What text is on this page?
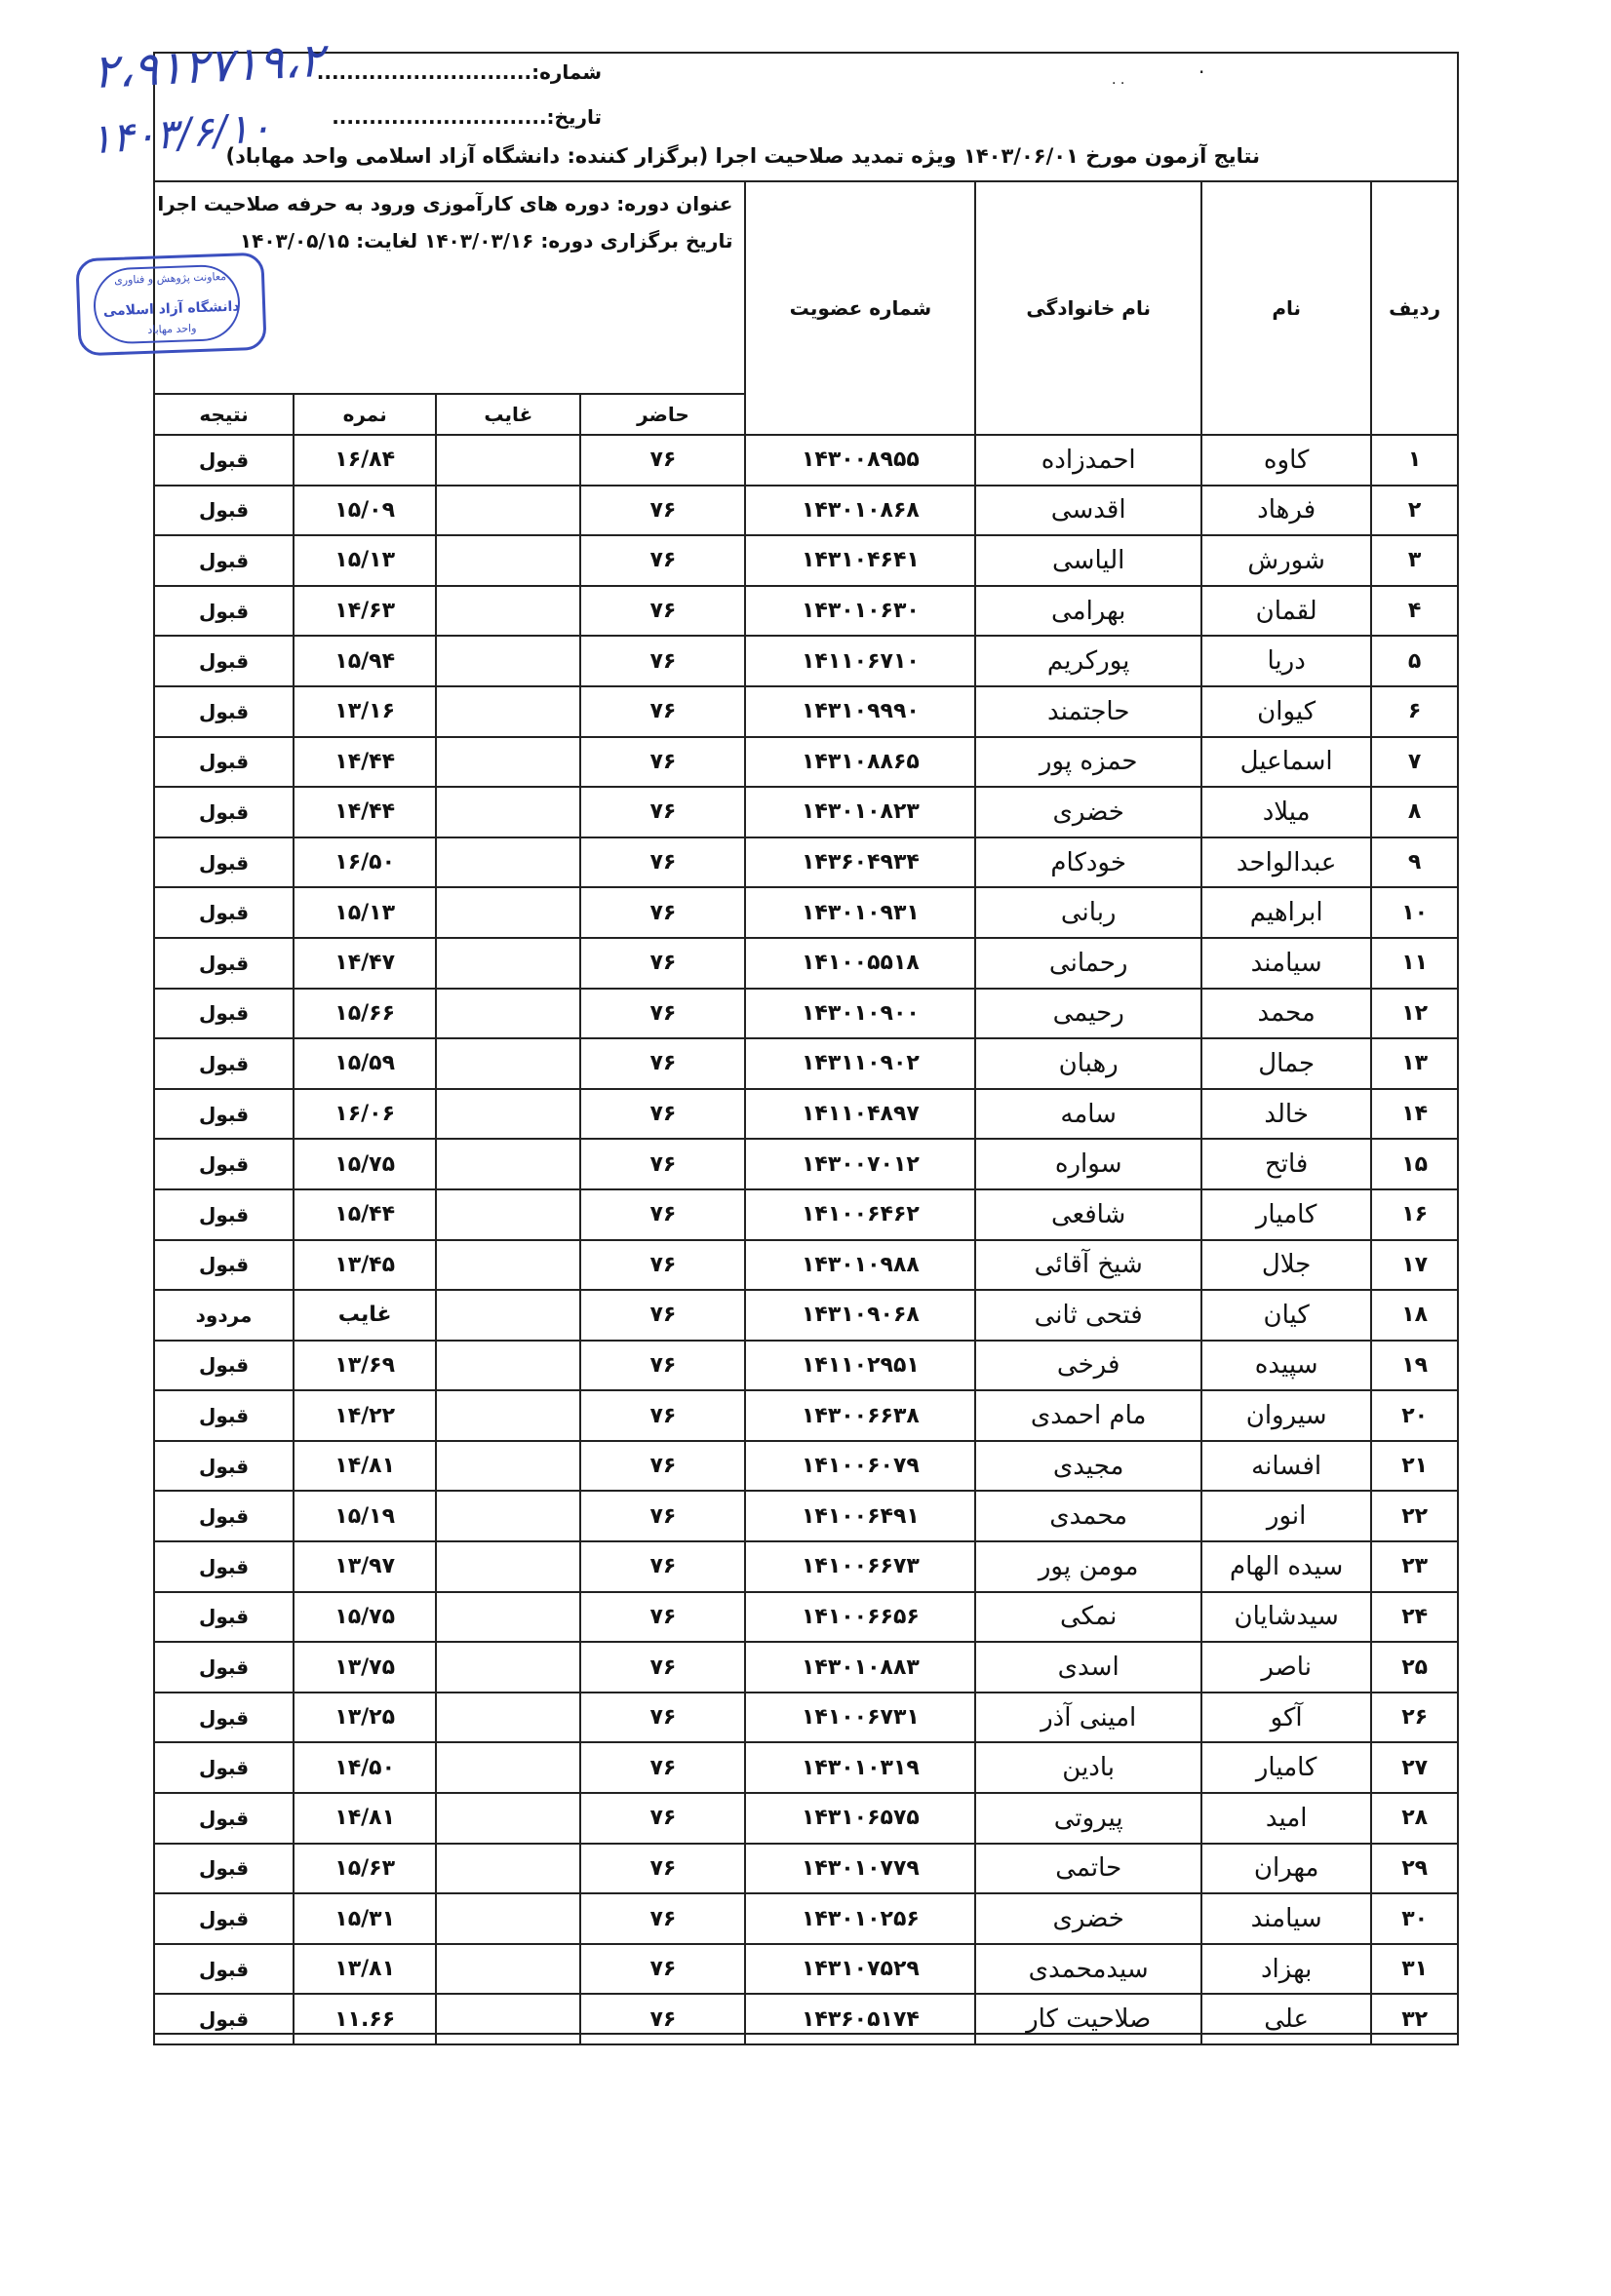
شماره:.............................
تاریخ:.............................
نتایج آزمون مورخ ۱۴۰۳/۰۶/۰۱ ویژه تمدید صلاحیت اجرا (برگزار کننده: دانشگاه آزاد اسلامی واحد مهاباد)
۲،۹۱۲۷۱۹،۲
۱۴۰۳/۶/۱۰
·
· ·
ردیف	نام	نام خانوادگی	شماره عضویت	عنوان دوره: دوره های کارآموزی ورود به حرفه صلاحیت اجرا
تاریخ برگزاری دوره: ۱۴۰۳/۰۳/۱۶ لغایت: ۱۴۰۳/۰۵/۱۵			

				حاضر	غایب	نمره	نتیجه
۱	کاوه	احمدزاده	۱۴۳۰۰۸۹۵۵	۷۶		۱۶/۸۴	قبول
۲	فرهاد	اقدسی	۱۴۳۰۱۰۸۶۸	۷۶		۱۵/۰۹	قبول
۳	شورش	الیاسی	۱۴۳۱۰۴۶۴۱	۷۶		۱۵/۱۳	قبول
۴	لقمان	بهرامی	۱۴۳۰۱۰۶۳۰	۷۶		۱۴/۶۳	قبول
۵	دریا	پورکریم	۱۴۱۱۰۶۷۱۰	۷۶		۱۵/۹۴	قبول
۶	کیوان	حاجتمند	۱۴۳۱۰۹۹۹۰	۷۶		۱۳/۱۶	قبول
۷	اسماعیل	حمزه پور	۱۴۳۱۰۸۸۶۵	۷۶		۱۴/۴۴	قبول
۸	میلاد	خضری	۱۴۳۰۱۰۸۲۳	۷۶		۱۴/۴۴	قبول
۹	عبدالواحد	خودکام	۱۴۳۶۰۴۹۳۴	۷۶		۱۶/۵۰	قبول
۱۰	ابراهیم	ربانی	۱۴۳۰۱۰۹۳۱	۷۶		۱۵/۱۳	قبول
۱۱	سیامند	رحمانی	۱۴۱۰۰۵۵۱۸	۷۶		۱۴/۴۷	قبول
۱۲	محمد	رحیمی	۱۴۳۰۱۰۹۰۰	۷۶		۱۵/۶۶	قبول
۱۳	جمال	رهبان	۱۴۳۱۱۰۹۰۲	۷۶		۱۵/۵۹	قبول
۱۴	خالد	سامه	۱۴۱۱۰۴۸۹۷	۷۶		۱۶/۰۶	قبول
۱۵	فاتح	سواره	۱۴۳۰۰۷۰۱۲	۷۶		۱۵/۷۵	قبول
۱۶	کامیار	شافعی	۱۴۱۰۰۶۴۶۲	۷۶		۱۵/۴۴	قبول
۱۷	جلال	شیخ آقائی	۱۴۳۰۱۰۹۸۸	۷۶		۱۳/۴۵	قبول
۱۸	کیان	فتحی ثانی	۱۴۳۱۰۹۰۶۸	۷۶		غایب	مردود
۱۹	سپیده	فرخی	۱۴۱۱۰۲۹۵۱	۷۶		۱۳/۶۹	قبول
۲۰	سیروان	مام احمدی	۱۴۳۰۰۶۶۳۸	۷۶		۱۴/۲۲	قبول
۲۱	افسانه	مجیدی	۱۴۱۰۰۶۰۷۹	۷۶		۱۴/۸۱	قبول
۲۲	انور	محمدی	۱۴۱۰۰۶۴۹۱	۷۶		۱۵/۱۹	قبول
۲۳	سیده الهام	مومن پور	۱۴۱۰۰۶۶۷۳	۷۶		۱۳/۹۷	قبول
۲۴	سیدشایان	نمکی	۱۴۱۰۰۶۶۵۶	۷۶		۱۵/۷۵	قبول
۲۵	ناصر	اسدی	۱۴۳۰۱۰۸۸۳	۷۶		۱۳/۷۵	قبول
۲۶	آکو	امینی آذر	۱۴۱۰۰۶۷۳۱	۷۶		۱۳/۲۵	قبول
۲۷	کامیار	بادین	۱۴۳۰۱۰۳۱۹	۷۶		۱۴/۵۰	قبول
۲۸	امید	پیروتی	۱۴۳۱۰۶۵۷۵	۷۶		۱۴/۸۱	قبول
۲۹	مهران	حاتمی	۱۴۳۰۱۰۷۷۹	۷۶		۱۵/۶۳	قبول
۳۰	سیامند	خضری	۱۴۳۰۱۰۲۵۶	۷۶		۱۵/۳۱	قبول
۳۱	بهزاد	سیدمحمدی	۱۴۳۱۰۷۵۲۹	۷۶		۱۳/۸۱	قبول
۳۲	علی	صلاحیت کار	۱۴۳۶۰۵۱۷۴	۷۶		۱۱.۶۶	قبول
معاونت پژوهش و فناوری
دانشگاه آزاد اسلامی
واحد مهاباد
